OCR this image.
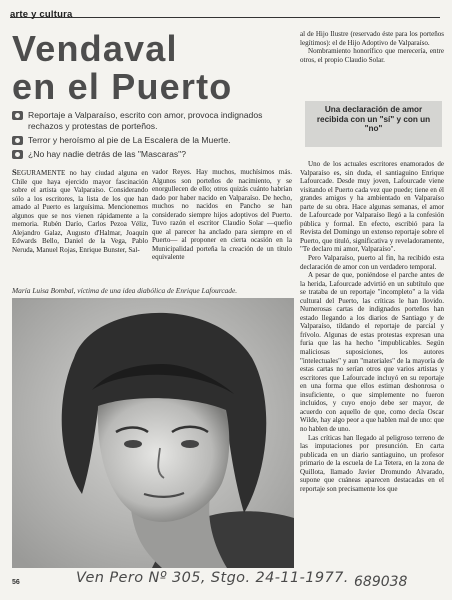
arte y cultura
Vendaval
en el Puerto
Reportaje a Valparaíso, escrito con amor, provoca indignados rechazos y protestas de porteños.
Terror y heroísmo al pie de La Escalera de la Muerte.
¿No hay nadie detrás de las "Mascaras"?
Una declaración de amor recibida con un "sí" y con un "no"

al de Hijo Ilustre (reservado éste para los porteños legítimos): el de Hijo Adoptivo de Valparaíso.

Nombramiento honorífico que merecería, entre otros, el propio Claudio Solar.

SEGURAMENTE no hay ciudad alguna en Chile que haya ejercido mayor fascinación sobre el artista que Valparaíso. Considerando sólo a los escritores, la lista de los que han amado al Puerto es larguísima. Mencionemos algunos que se nos vienen rápidamente a la memoria. Rubén Darío, Carlos Pezoa Véliz, Alejandro Galaz, Augusto d'Halmar, Joaquín Edwards Bello, Daniel de la Vega, Pablo Neruda, Manuel Rojas, Enrique Bunster, Sal-

vador Reyes. Hay muchos, muchísimos más. Algunos son porteños de nacimiento, y se enorgullecen de ello; otros quizás cuánto habrían dado por haber nacido en Valparaíso. De hecho, muchos no nacidos en Pancho se han considerado siempre hijos adoptivos del Puerto. Tuvo razón el escritor Claudio Solar —quefio que al parecer ha anclado para siempre en el Puerto— al proponer en cierta ocasión en la Municipalidad porteña la creación de un título equivalente

María Luisa Bombal, víctima de una idea diabólica de Enrique Lafourcade.

Uno de los actuales escritores enamorados de Valparaíso es, sin duda, el santiaguino Enrique Lafourcade. Desde muy joven, Lafourcade viene visitando el Puerto cada vez que puede; tiene en él grandes amigos y ha ambientado en Valparaíso parte de su obra. Hace algunas semanas, el amor de Lafourcade por Valparaíso llegó a la confesión pública y formal. En efecto, escribió para la Revista del Domingo un extenso reportaje sobre el Puerto, que tituló, significativa y reveladoramente, "Te declaro mi amor, Valparaíso".

Pero Valparaíso, puerto al fin, ha recibido esta declaración de amor con un verdadero temporal.

A pesar de que, poniéndose el parche antes de la herida, Lafourcade advirtió en un subtítulo que se trataba de un reportaje "incompleto" a la vida cultural del Puerto, las críticas le han llovido. Numerosas cartas de indignados porteños han estado llegando a los diarios de Santiago y de Valparaíso, tildando el reportaje de parcial y frívolo. Algunas de estas protestas expresan una furia que las ha hecho "impublicables. Según maliciosas suposiciones, los autores "intelectuales" y aun "materiales" de la mayoría de estas cartas no serían otros que varios artistas y escritores que Lafourcade incluyó en su reportaje en una forma que ellos estiman deshonrosa o insuficiente, o que simplemente no fueron incluidos, y cuyo enojo debe ser mayor, de acuerdo con aquello de que, como decía Oscar Wilde, hay algo peor a que hablen mal de uno: que no hablen de uno.

Las críticas han llegado al peligroso terreno de las imputaciones por presunción. En carta publicada en un diario santiaguino, un profesor primario de la escuela de La Tetera, en la zona de Quillota, llamado Javier Dromundo Alvarado, supone que cuáneas aparecen destacadas en el reportaje son precisamente los que

56	Ven Pero Nº 305, Stgo. 24-11-1977. 689038
